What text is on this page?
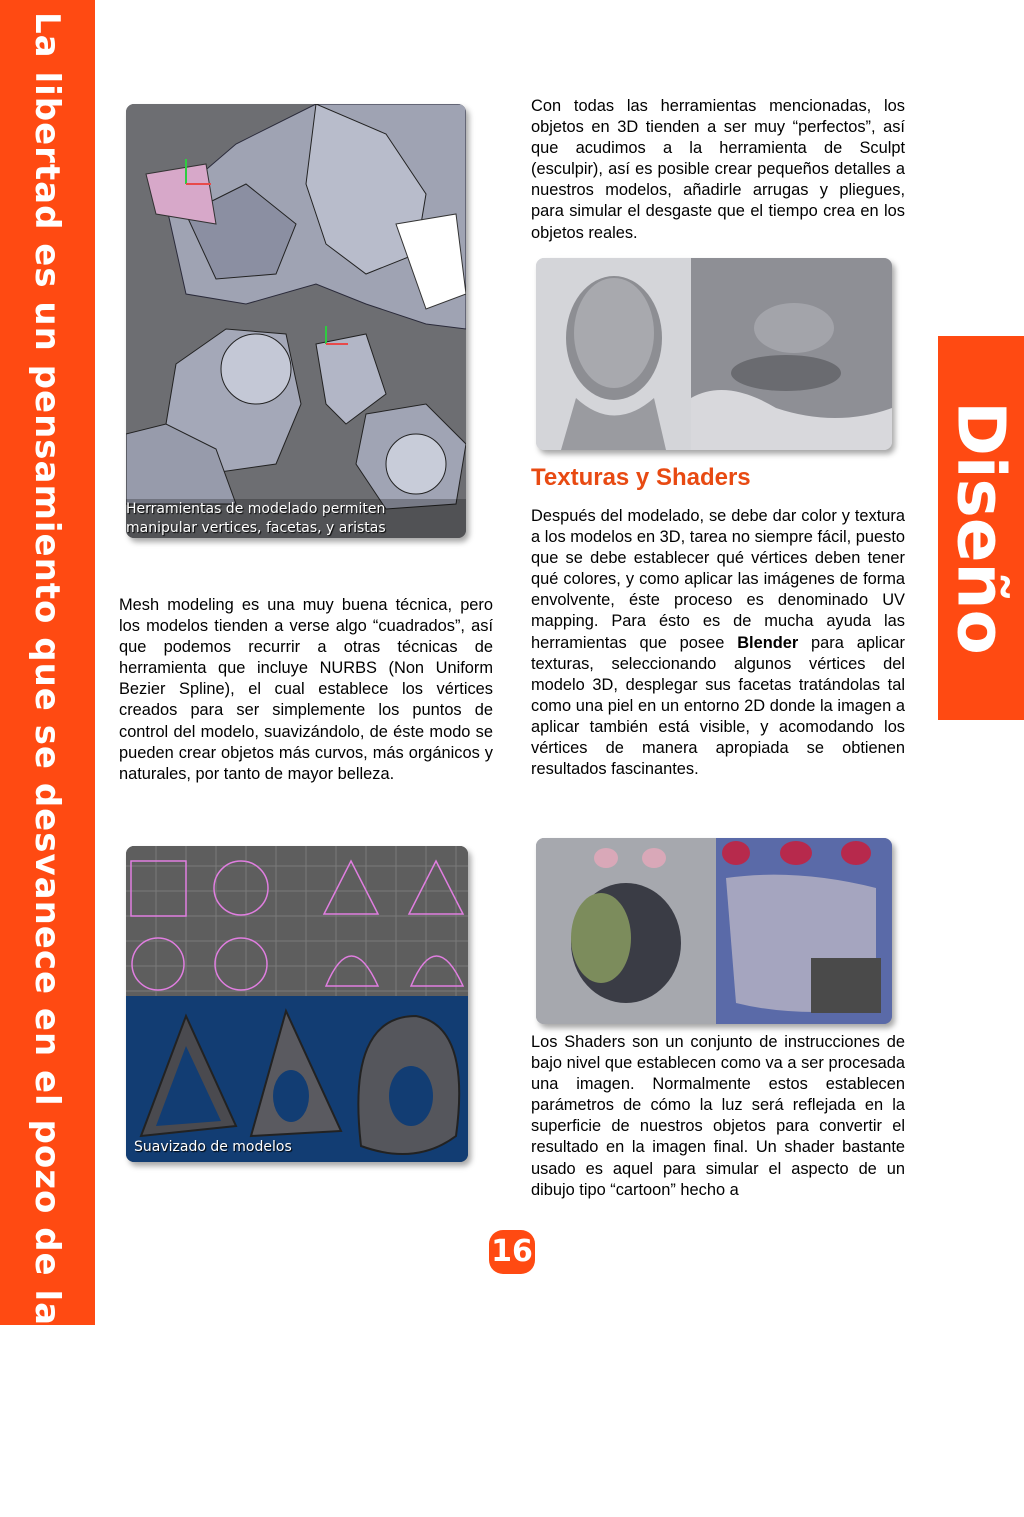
La libertad es un pensamiento que se desvanece en el pozo de la sociedad	Diseño
Herramientas de modelado permiten
manipular vertices, facetas, y aristas

Mesh modeling es una muy buena técnica, pero los modelos tienden a verse algo “cuadrados”, así que podemos recurrir a otras técnicas de herramienta que incluye NURBS (Non Uniform Bezier Spline), el cual establece los vértices creados para ser simplemente los puntos de control del modelo, suavizándolo, de éste modo se pueden crear objetos más curvos, más orgánicos y naturales, por tanto de mayor belleza.

Suavizado de modelos

Con todas las herramientas mencionadas, los objetos en 3D tienden a ser muy “perfectos”, así que acudimos a la herramienta de Sculpt (esculpir), así es posible crear pequeños detalles a nuestros modelos, añadirle arrugas y pliegues, para simular el desgaste que el tiempo crea en los objetos reales.

Texturas y Shaders

Después del modelado, se debe dar color y textura a los modelos en 3D, tarea no siempre fácil, puesto que se debe establecer qué vértices deben tener qué colores, y como aplicar las imágenes de forma envolvente, éste proceso es denominado UV mapping. Para ésto es de mucha ayuda las herramientas que posee Blender para aplicar texturas, seleccionando algunos vértices del modelo 3D, desplegar sus facetas tratándolas tal como una piel en un entorno 2D donde la imagen a aplicar también está visible, y acomodando los vértices de manera apropiada se obtienen resultados fascinantes.

Los Shaders son un conjunto de instrucciones de bajo nivel que establecen como va a ser procesada una imagen. Normalmente estos establecen parámetros de cómo la luz será reflejada en la superficie de nuestros objetos para convertir el resultado en la imagen final. Un shader bastante usado es aquel para simular el aspecto de un dibujo tipo “cartoon” hecho a

16
